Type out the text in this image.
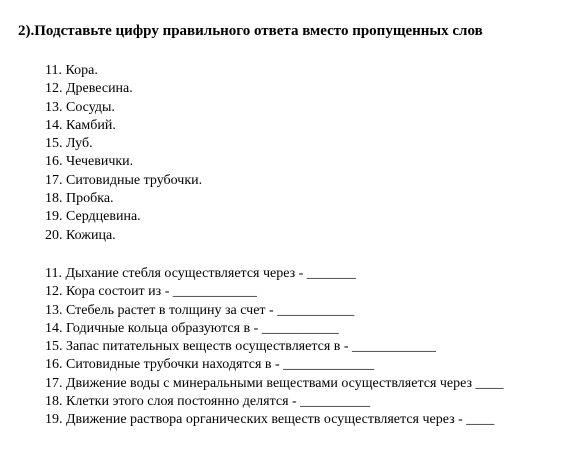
2).Подставьте цифру правильного ответа вместо пропущенных слов
11. Кора.
12. Древесина.
13. Сосуды.
14. Камбий.
15. Луб.
16. Чечевички.
17. Ситовидные трубочки.
18. Пробка.
19. Сердцевина.
20. Кожица.
11. Дыхание стебля осуществляется через - _______
12. Кора состоит из - ____________
13. Стебель растет в толщину за счет - ___________
14. Годичные кольца образуются в - ___________
15. Запас питательных веществ осуществляется в - ____________
16. Ситовидные трубочки находятся в - _____________
17. Движение воды с минеральными веществами осуществляется через ____
18. Клетки этого слоя постоянно делятся - __________
19. Движение раствора органических веществ осуществляется через - ____
